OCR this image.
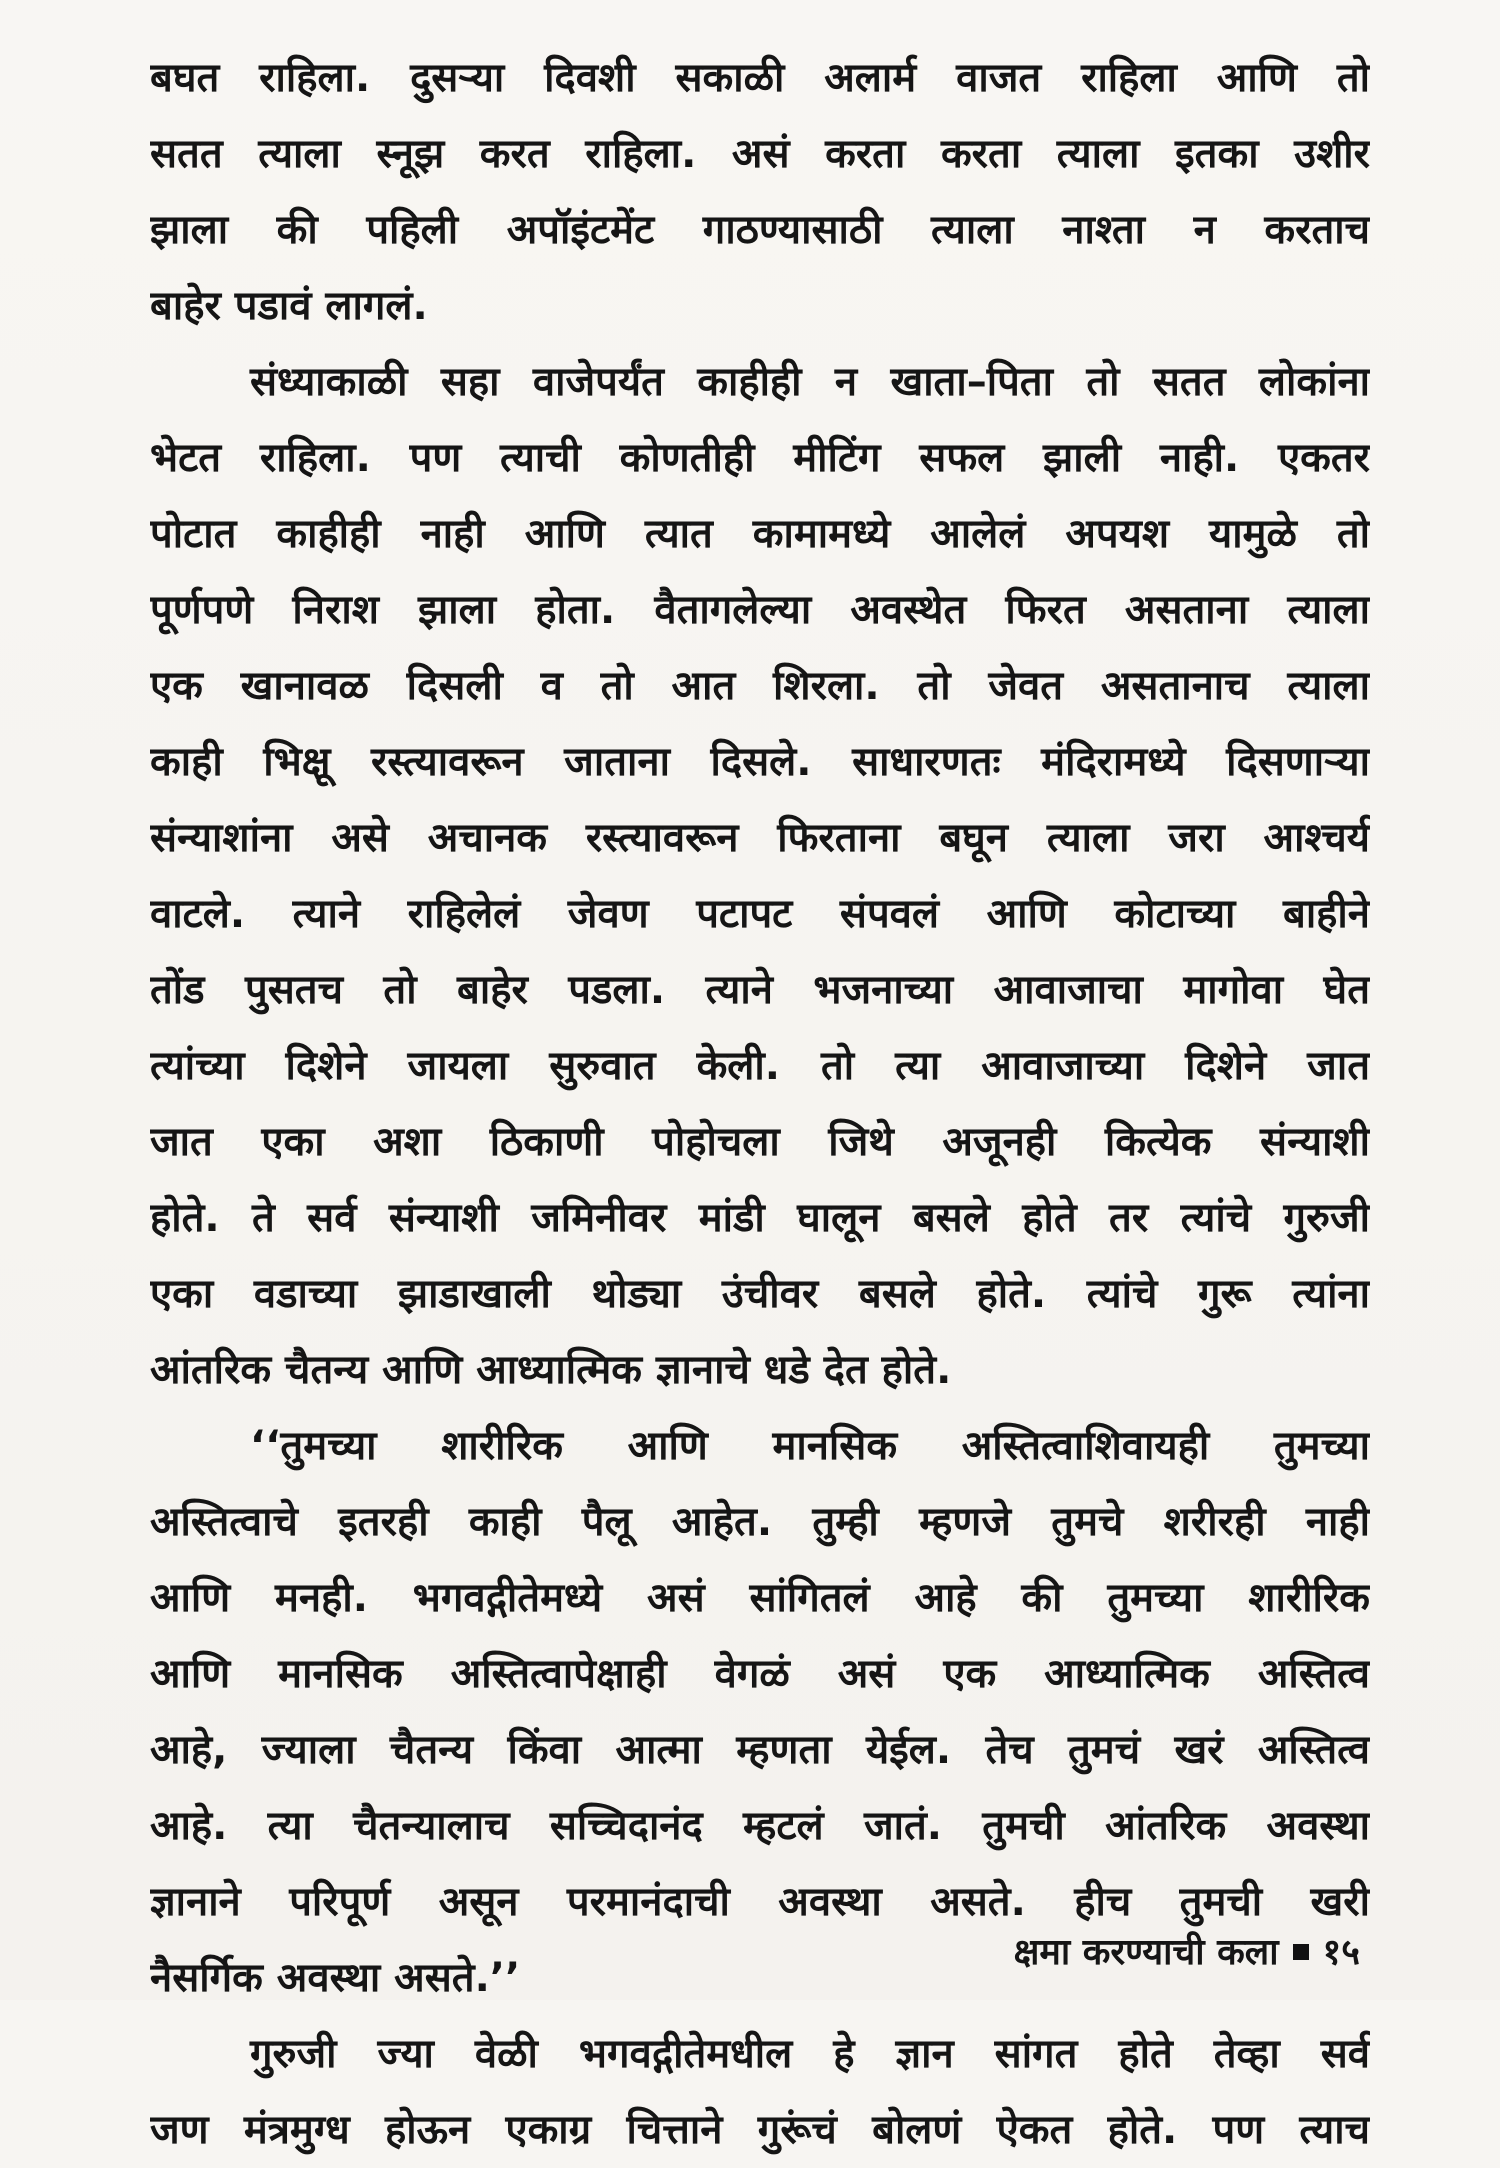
बघत राहिला. दुसऱ्या दिवशी सकाळी अलार्म वाजत राहिला आणि तो
सतत त्याला स्नूझ करत राहिला. असं करता करता त्याला इतका उशीर
झाला की पहिली अपॉइंटमेंट गाठण्यासाठी त्याला नाश्ता न करताच
बाहेर पडावं लागलं.
संध्याकाळी सहा वाजेपर्यंत काहीही न खाता–पिता तो सतत लोकांना
भेटत राहिला. पण त्याची कोणतीही मीटिंग सफल झाली नाही. एकतर
पोटात काहीही नाही आणि त्यात कामामध्ये आलेलं अपयश यामुळे तो
पूर्णपणे निराश झाला होता. वैतागलेल्या अवस्थेत फिरत असताना त्याला
एक खानावळ दिसली व तो आत शिरला. तो जेवत असतानाच त्याला
काही भिक्षू रस्त्यावरून जाताना दिसले. साधारणतः मंदिरामध्ये दिसणाऱ्या
संन्याशांना असे अचानक रस्त्यावरून फिरताना बघून त्याला जरा आश्चर्य
वाटले. त्याने राहिलेलं जेवण पटापट संपवलं आणि कोटाच्या बाहीने
तोंड पुसतच तो बाहेर पडला. त्याने भजनाच्या आवाजाचा मागोवा घेत
त्यांच्या दिशेने जायला सुरुवात केली. तो त्या आवाजाच्या दिशेने जात
जात एका अशा ठिकाणी पोहोचला जिथे अजूनही कित्येक संन्याशी
होते. ते सर्व संन्याशी जमिनीवर मांडी घालून बसले होते तर त्यांचे गुरुजी
एका वडाच्या झाडाखाली थोड्या उंचीवर बसले होते. त्यांचे गुरू त्यांना
आंतरिक चैतन्य आणि आध्यात्मिक ज्ञानाचे धडे देत होते.
‘‘तुमच्या शारीरिक आणि मानसिक अस्तित्वाशिवायही तुमच्या
अस्तित्वाचे इतरही काही पैलू आहेत. तुम्ही म्हणजे तुमचे शरीरही नाही
आणि मनही. भगवद्गीतेमध्ये असं सांगितलं आहे की तुमच्या शारीरिक
आणि मानसिक अस्तित्वापेक्षाही वेगळं असं एक आध्यात्मिक अस्तित्व
आहे, ज्याला चैतन्य किंवा आत्मा म्हणता येईल. तेच तुमचं खरं अस्तित्व
आहे. त्या चैतन्यालाच सच्चिदानंद म्हटलं जातं. तुमची आंतरिक अवस्था
ज्ञानाने परिपूर्ण असून परमानंदाची अवस्था असते. हीच तुमची खरी
नैसर्गिक अवस्था असते.’’
गुरुजी ज्या वेळी भगवद्गीतेमधील हे ज्ञान सांगत होते तेव्हा सर्व
जण मंत्रमुग्ध होऊन एकाग्र चित्ताने गुरूंचं बोलणं ऐकत होते. पण त्याच
क्षमा करण्याची कला १५
